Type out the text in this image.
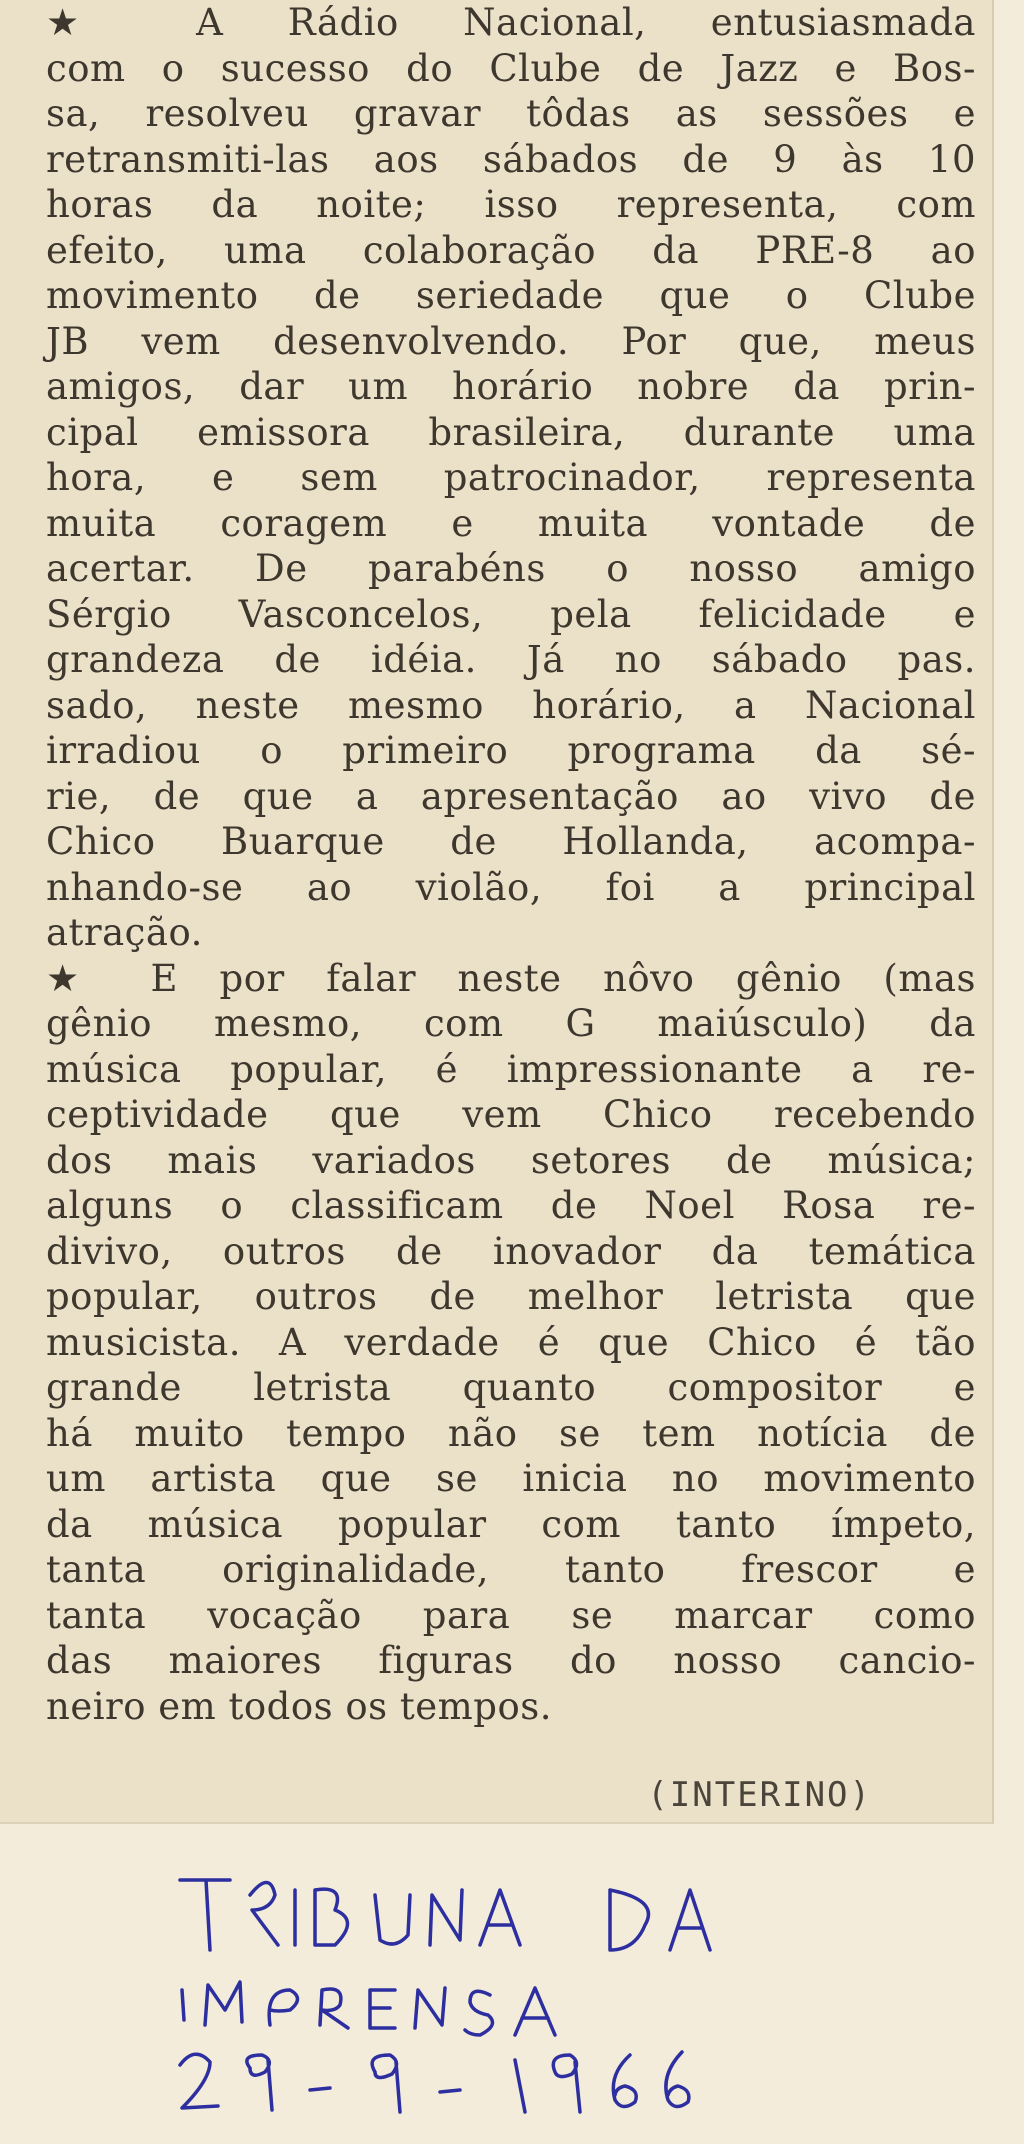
★ A Rádio Nacional, entusiasmada
com o sucesso do Clube de Jazz e Bos-
sa, resolveu gravar tôdas as sessões e
retransmiti-las aos sábados de 9 às 10
horas da noite; isso representa, com
efeito, uma colaboração da PRE-8 ao
movimento de seriedade que o Clube
JB vem desenvolvendo. Por que, meus
amigos, dar um horário nobre da prin-
cipal emissora brasileira, durante uma
hora, e sem patrocinador, representa
muita coragem e muita vontade de
acertar. De parabéns o nosso amigo
Sérgio Vasconcelos, pela felicidade e
grandeza de idéia. Já no sábado pas.
sado, neste mesmo horário, a Nacional
irradiou o primeiro programa da sé-
rie, de que a apresentação ao vivo de
Chico Buarque de Hollanda, acompa-
nhando-se ao violão, foi a principal
atração.
★ E por falar neste nôvo gênio (mas
gênio mesmo, com G maiúsculo) da
música popular, é impressionante a re-
ceptividade que vem Chico recebendo
dos mais variados setores de música;
alguns o classificam de Noel Rosa re-
divivo, outros de inovador da temática
popular, outros de melhor letrista que
musicista. A verdade é que Chico é tão
grande letrista quanto compositor e
há muito tempo não se tem notícia de
um artista que se inicia no movimento
da música popular com tanto ímpeto,
tanta originalidade, tanto frescor e
tanta vocação para se marcar como
das maiores figuras do nosso cancio-
neiro em todos os tempos.
(INTERINO)
